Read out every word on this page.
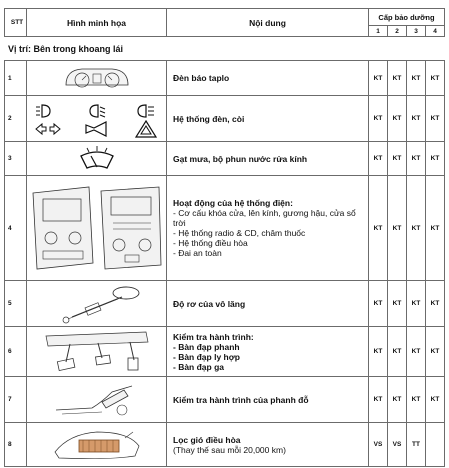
STT	Hình minh họa	Nội dung	Cấp bảo dưỡng			
			1	2	3	4
Vị trí: Bên trong khoang lái
1		Đèn báo taplo	KT	KT	KT	KT
2		Hệ thống đèn, còi	KT	KT	KT	KT
3		Gạt mưa, bộ phun nước rửa kính	KT	KT	KT	KT
4		Hoạt động của hệ thống điện:
- Cơ cấu khóa cửa, lên kính, gương hậu, cửa sổ trời
- Hệ thống radio & CD, châm thuốc
- Hệ thống điều hòa
- Đai an toàn	KT	KT	KT	KT
5		Độ rơ của vô lăng	KT	KT	KT	KT
6		Kiểm tra hành trình:
- Bàn đạp phanh
- Bàn đạp ly hợp
- Bàn đạp ga	KT	KT	KT	KT
7		Kiểm tra hành trình của phanh đỗ	KT	KT	KT	KT
8		Lọc gió điều hòa
(Thay thế sau mỗi 20,000 km)	VS	VS	TT	
